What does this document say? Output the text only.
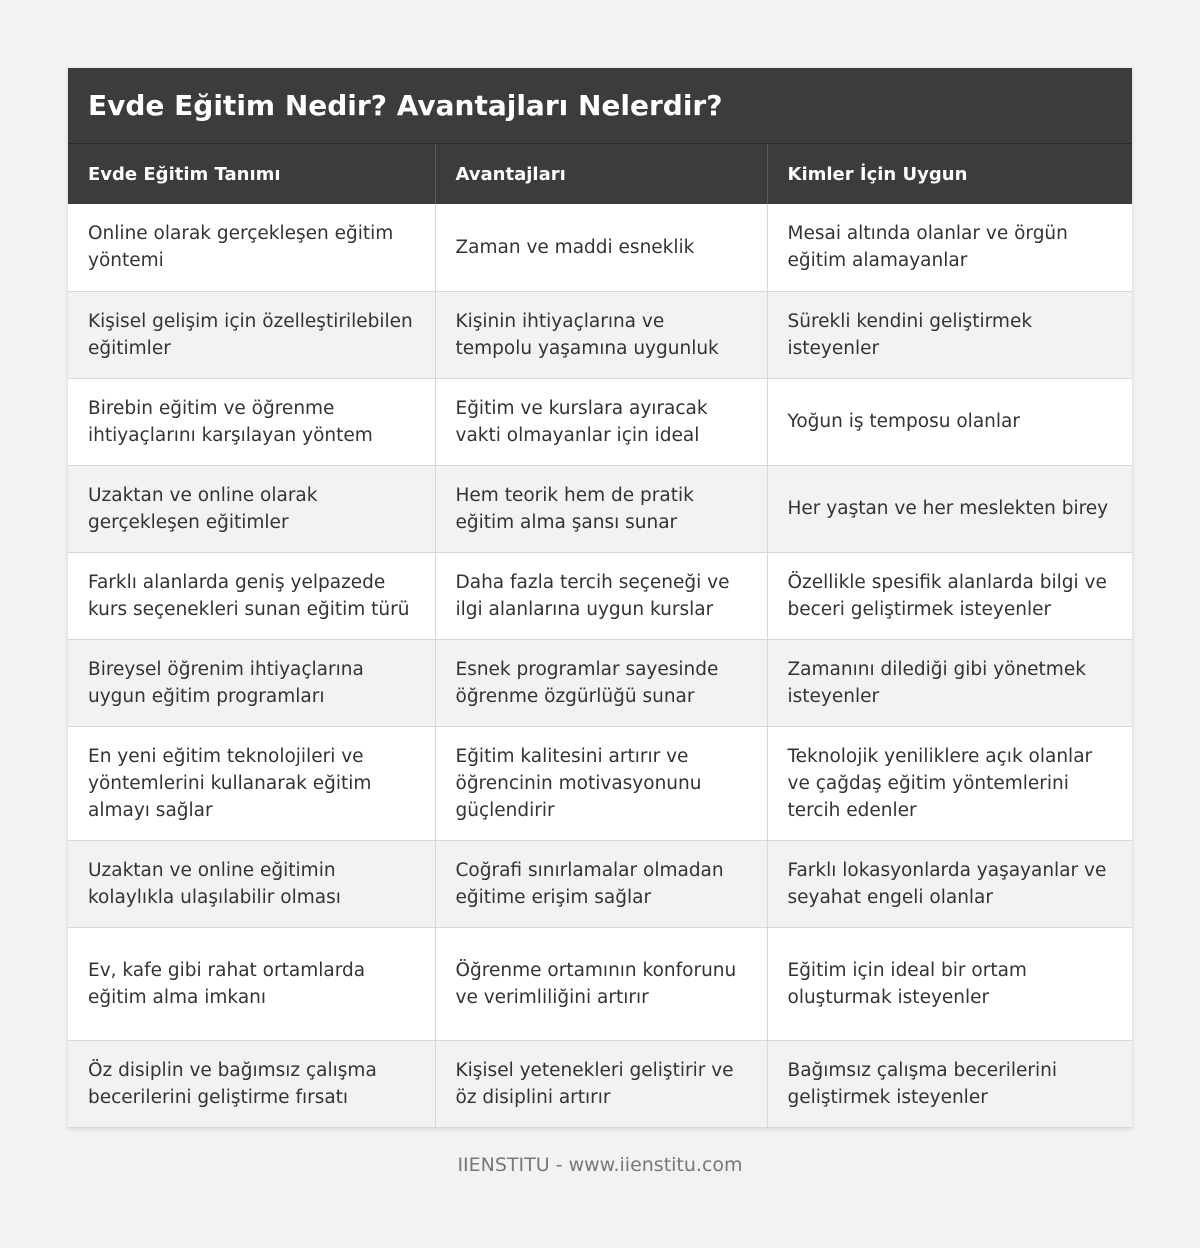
Evde Eğitim Nedir? Avantajları Nelerdir?
Evde Eğitim Tanımı	Avantajları	Kimler İçin Uygun
Online olarak gerçekleşen eğitim yöntemi	Zaman ve maddi esneklik	Mesai altında olanlar ve örgün eğitim alamayanlar
Kişisel gelişim için özelleştirilebilen eğitimler	Kişinin ihtiyaçlarına ve tempolu yaşamına uygunluk	Sürekli kendini geliştirmek isteyenler
Birebin eğitim ve öğrenme ihtiyaçlarını karşılayan yöntem	Eğitim ve kurslara ayıracak vakti olmayanlar için ideal	Yoğun iş temposu olanlar
Uzaktan ve online olarak gerçekleşen eğitimler	Hem teorik hem de pratik eğitim alma şansı sunar	Her yaştan ve her meslekten birey
Farklı alanlarda geniş yelpazede kurs seçenekleri sunan eğitim türü	Daha fazla tercih seçeneği ve ilgi alanlarına uygun kurslar	Özellikle spesifik alanlarda bilgi ve beceri geliştirmek isteyenler
Bireysel öğrenim ihtiyaçlarına uygun eğitim programları	Esnek programlar sayesinde öğrenme özgürlüğü sunar	Zamanını dilediği gibi yönetmek isteyenler
En yeni eğitim teknolojileri ve yöntemlerini kullanarak eğitim almayı sağlar	Eğitim kalitesini artırır ve öğrencinin motivasyonunu güçlendirir	Teknolojik yeniliklere açık olanlar ve çağdaş eğitim yöntemlerini tercih edenler
Uzaktan ve online eğitimin kolaylıkla ulaşılabilir olması	Coğrafi sınırlamalar olmadan eğitime erişim sağlar	Farklı lokasyonlarda yaşayanlar ve seyahat engeli olanlar
Ev, kafe gibi rahat ortamlarda eğitim alma imkanı	Öğrenme ortamının konforunu ve verimliliğini artırır	Eğitim için ideal bir ortam oluşturmak isteyenler
Öz disiplin ve bağımsız çalışma becerilerini geliştirme fırsatı	Kişisel yetenekleri geliştirir ve öz disiplini artırır	Bağımsız çalışma becerilerini geliştirmek isteyenler
IIENSTITU - www.iienstitu.com
